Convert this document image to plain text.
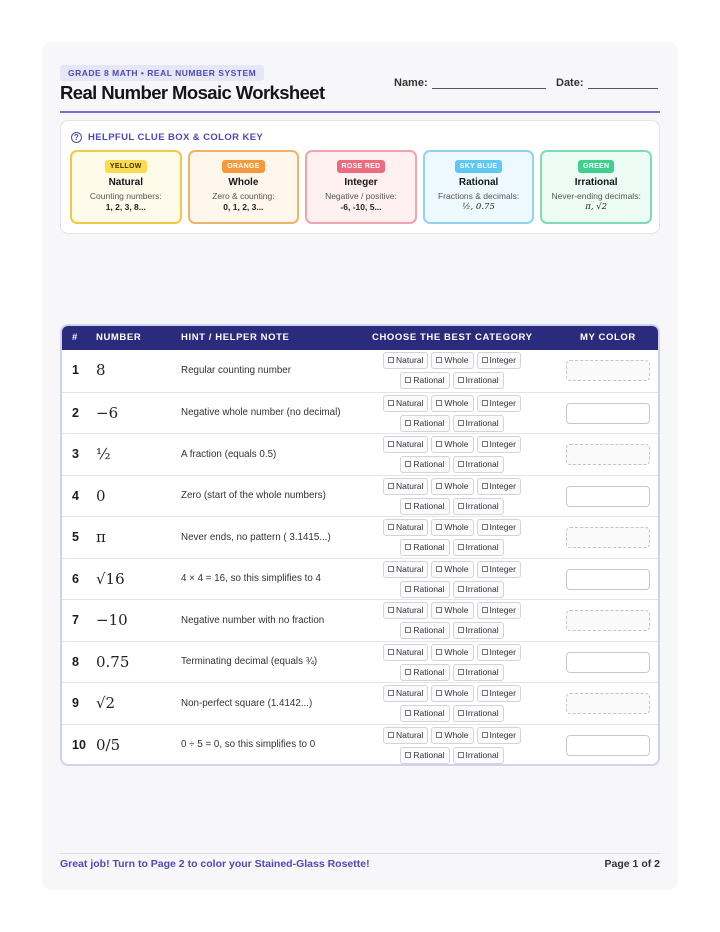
GRADE 8 MATH • REAL NUMBER SYSTEM
Real Number Mosaic Worksheet	Name:	Date:
? HELPFUL CLUE BOX & COLOR KEY
YELLOW
Natural
Counting numbers:
1, 2, 3, 8...
ORANGE
Whole
Zero & counting:
0, 1, 2, 3...
ROSE RED
Integer
Negative / positive:
-6, -10, 5...
SKY BLUE
Rational
Fractions & decimals:
½, 0.75
GREEN
Irrational
Never-ending decimals:
π, √2
# NUMBER	HINT / HELPER NOTE	CHOOSE THE BEST CATEGORY	MY COLOR
1 8	Regular counting number
Natural	Whole	Integer
Rational	Irrational
2 −6	Negative whole number (no decimal)
Natural	Whole	Integer
Rational	Irrational
3 ½	A fraction (equals 0.5)
Natural	Whole	Integer
Rational	Irrational
4 0	Zero (start of the whole numbers)
Natural	Whole	Integer
Rational	Irrational
5 π	Never ends, no pattern ( 3.1415...)
Natural	Whole	Integer
Rational	Irrational
6 √16	4 × 4 = 16, so this simplifies to 4
Natural	Whole	Integer
Rational	Irrational
7 −10	Negative number with no fraction
Natural	Whole	Integer
Rational	Irrational
8 0.75	Terminating decimal (equals ¾)
Natural	Whole	Integer
Rational	Irrational
9 √2	Non-perfect square (1.4142...)
Natural	Whole	Integer
Rational	Irrational
10 0/5	0 ÷ 5 = 0, so this simplifies to 0
Natural	Whole	Integer
Rational	Irrational
Great job! Turn to Page 2 to color your Stained-Glass Rosette!	Page 1 of 2
